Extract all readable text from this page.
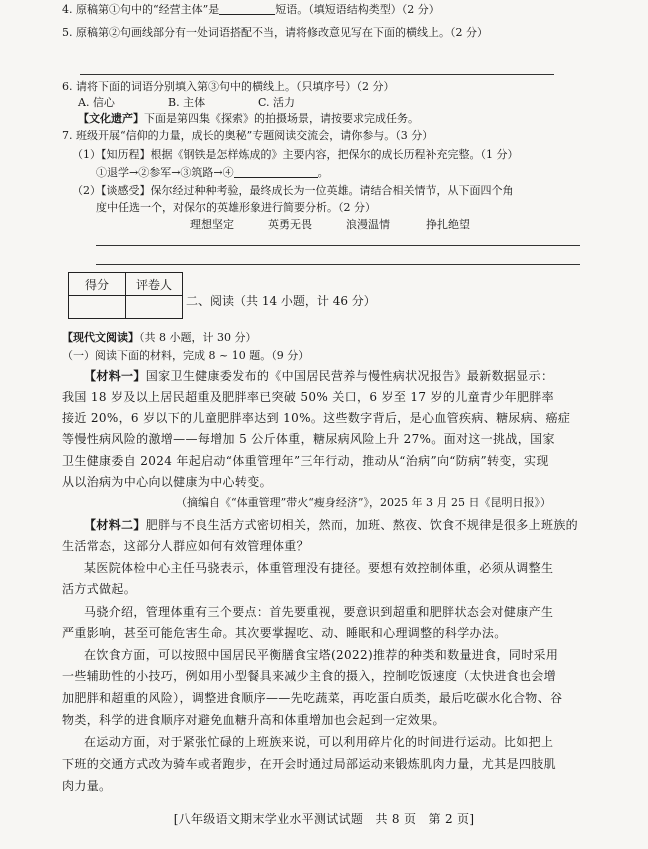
4. 原稿第①句中的“经营主体”是	短语。（填短语结构类型）（2 分）
5. 原稿第②句画线部分有一处词语搭配不当，请将修改意见写在下面的横线上。（2 分）
6. 请将下面的词语分别填入第③句中的横线上。（只填序号）（2 分）
A. 信心	B. 主体	C. 活力
【文化遗产】下面是第四集《探索》的拍摄场景，请按要求完成任务。
7. 班级开展“信仰的力量，成长的奥秘”专题阅读交流会，请你参与。（3 分）
（1）【知历程】根据《钢铁是怎样炼成的》主要内容，把保尔的成长历程补充完整。（1 分）
①退学→②参军→③筑路→④	。
（2）【谈感受】保尔经过种种考验，最终成长为一位英雄。请结合相关情节，从下面四个角
度中任选一个，对保尔的英雄形象进行简要分析。（2 分）
理想坚定	英勇无畏	浪漫温情	挣扎绝望
得分	评卷人

二、阅读（共 14 小题，计 46 分）
【现代文阅读】（共 8 小题，计 30 分）
（一）阅读下面的材料，完成 8 ~ 10 题。（9 分）
【材料一】国家卫生健康委发布的《中国居民营养与慢性病状况报告》最新数据显示：
我国 18 岁及以上居民超重及肥胖率已突破 50% 关口，6 岁至 17 岁的儿童青少年肥胖率
接近 20%，6 岁以下的儿童肥胖率达到 10%。这些数字背后，是心血管疾病、糖尿病、癌症
等慢性病风险的激增——每增加 5 公斤体重，糖尿病风险上升 27%。面对这一挑战，国家
卫生健康委自 2024 年起启动“体重管理年”三年行动，推动从“治病”向“防病”转变，实现
从以治病为中心向以健康为中心转变。
（摘编自《“体重管理”带火“瘦身经济”》，2025 年 3 月 25 日《昆明日报》）
【材料二】肥胖与不良生活方式密切相关，然而，加班、熬夜、饮食不规律是很多上班族的
生活常态，这部分人群应如何有效管理体重？
某医院体检中心主任马骁表示，体重管理没有捷径。要想有效控制体重，必须从调整生
活方式做起。
马骁介绍，管理体重有三个要点：首先要重视，要意识到超重和肥胖状态会对健康产生
严重影响，甚至可能危害生命。其次要掌握吃、动、睡眠和心理调整的科学办法。
在饮食方面，可以按照中国居民平衡膳食宝塔(2022)推荐的种类和数量进食，同时采用
一些辅助性的小技巧，例如用小型餐具来减少主食的摄入，控制吃饭速度（太快进食也会增
加肥胖和超重的风险），调整进食顺序——先吃蔬菜，再吃蛋白质类，最后吃碳水化合物、谷
物类，科学的进食顺序对避免血糖升高和体重增加也会起到一定效果。
在运动方面，对于紧张忙碌的上班族来说，可以利用碎片化的时间进行运动。比如把上
下班的交通方式改为骑车或者跑步，在开会时通过局部运动来锻炼肌肉力量，尤其是四肢肌
肉力量。
[八年级语文期末学业水平测试试题　共 8 页　第 2 页]
